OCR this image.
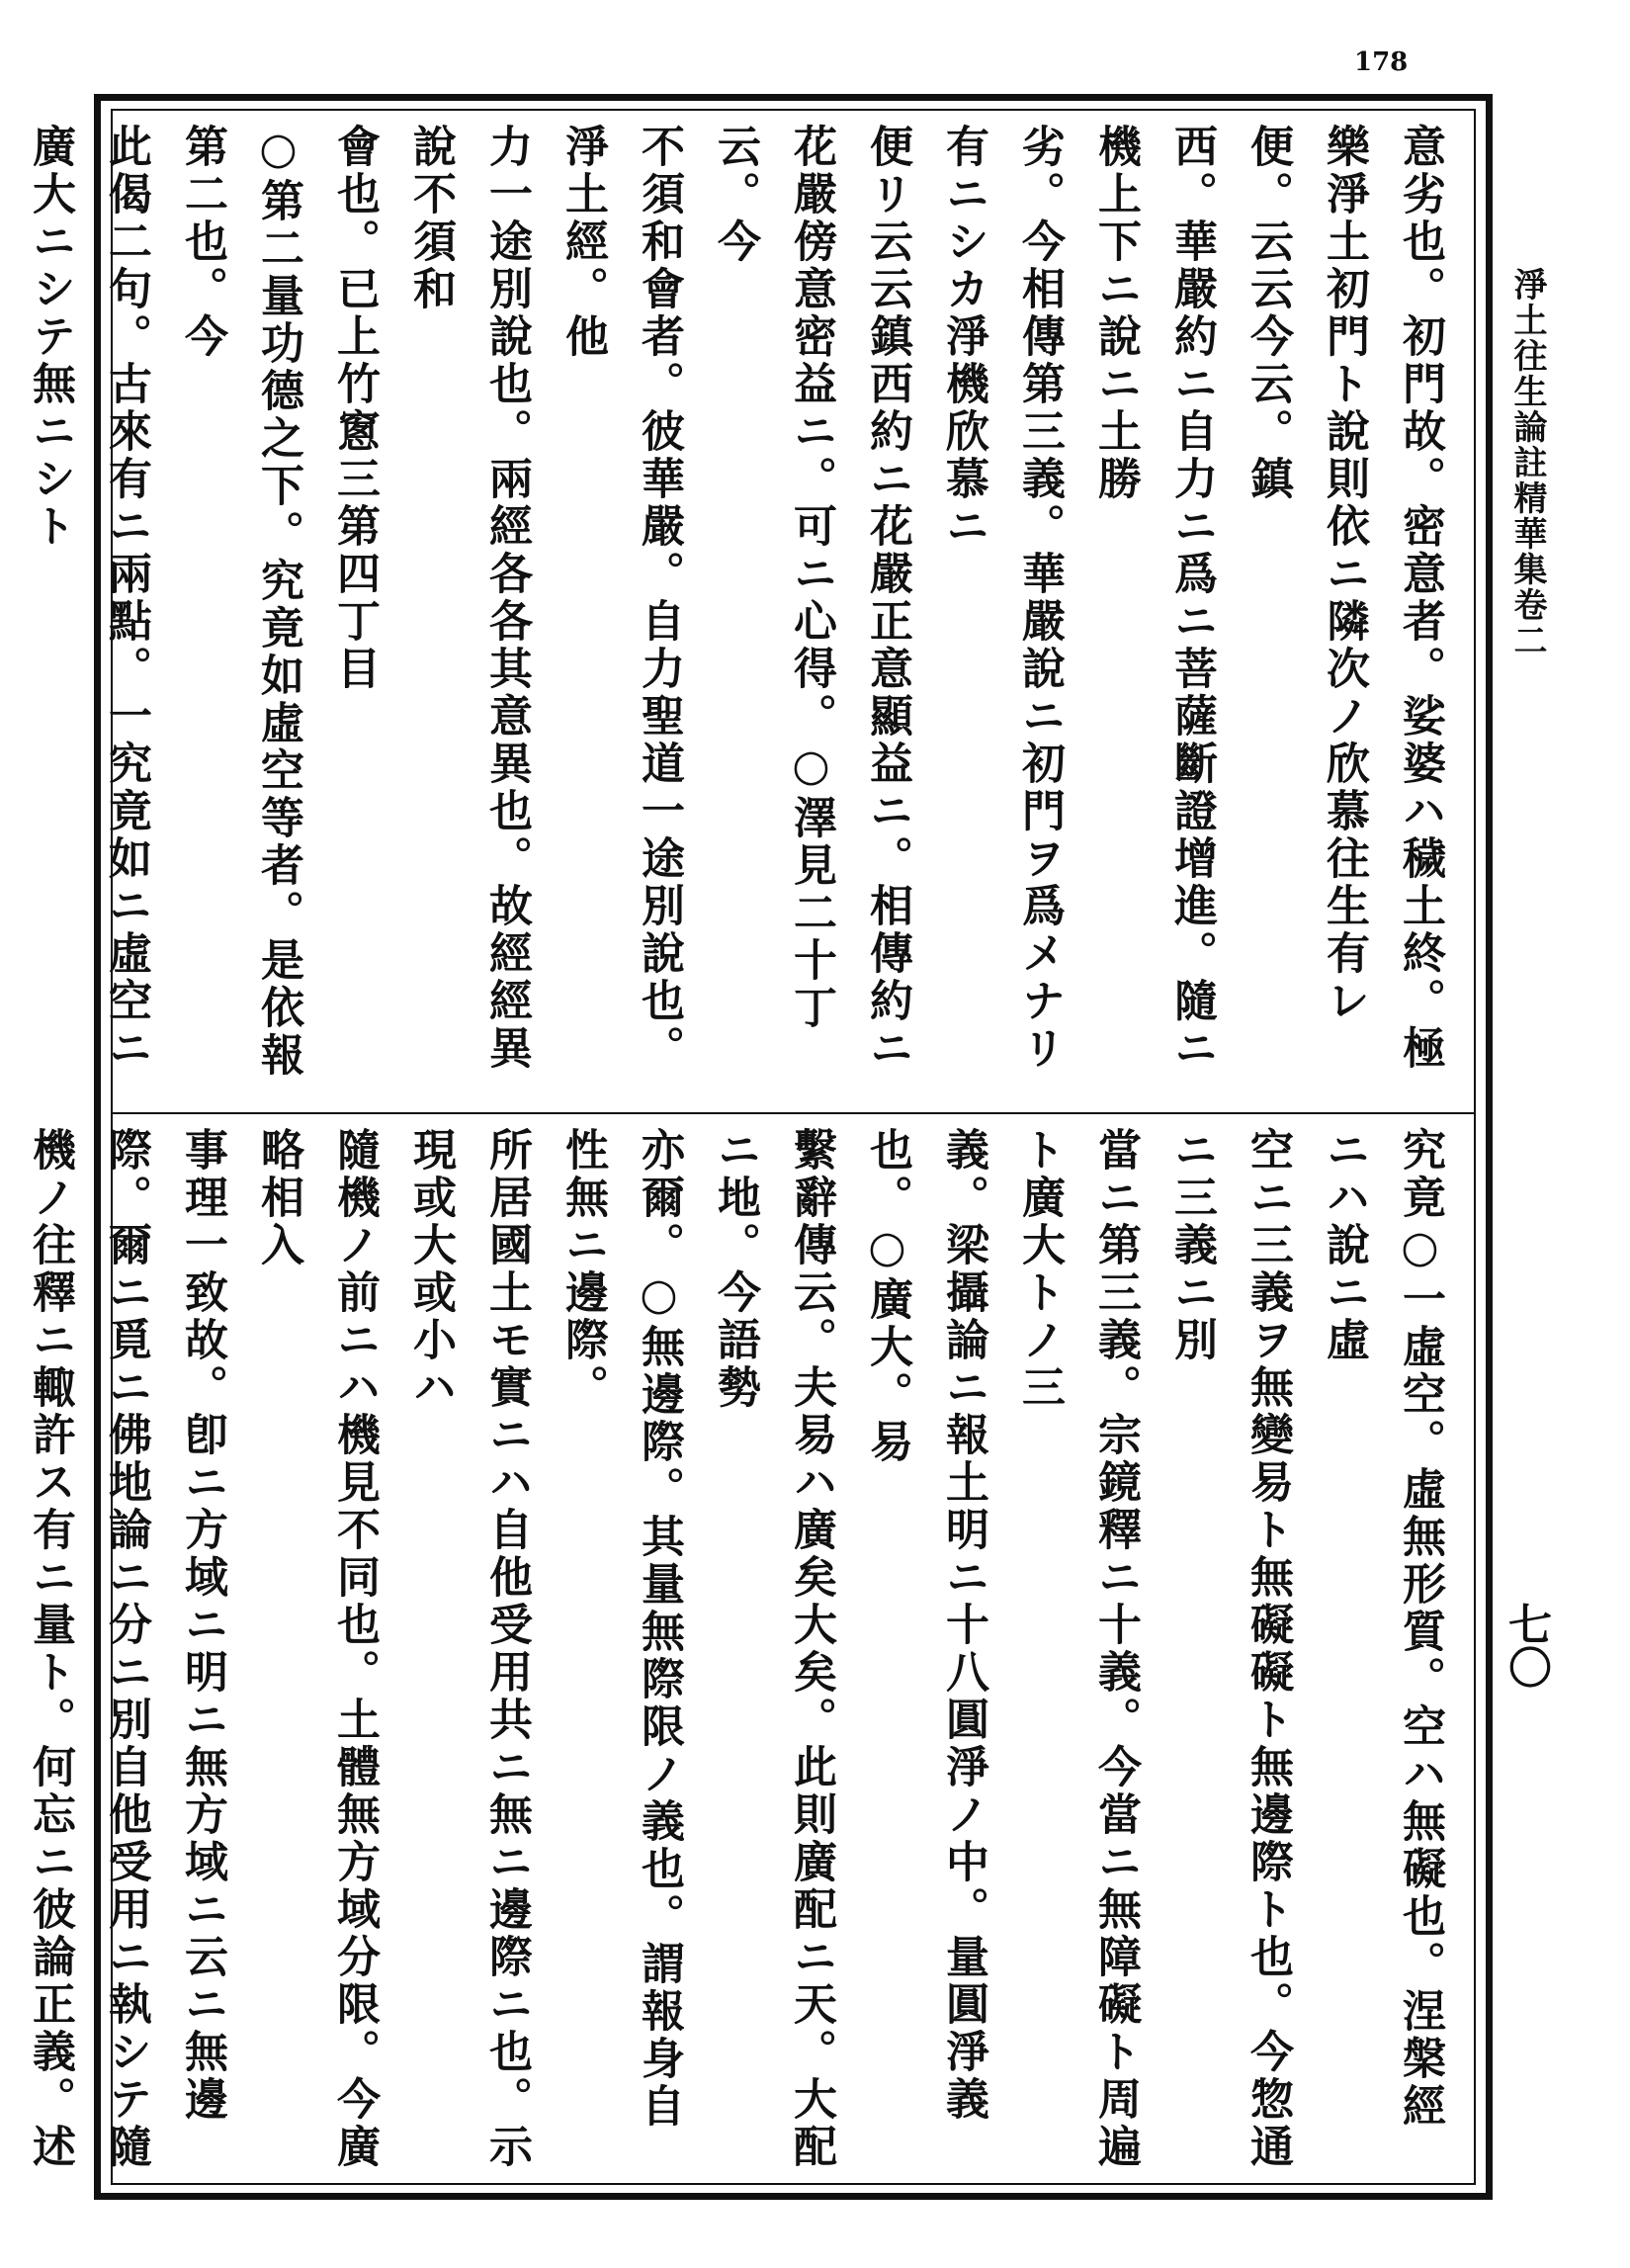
178
淨土往生論註精華集卷二
七〇
意劣也。初門故。密意者。娑婆ハ穢土終。極樂淨土初門ト說則依ニ隣次ノ欣慕往生有レ便。云云今云。鎮
西。華嚴約ニ自力ニ爲ニ菩薩斷證增進。隨ニ機上下ニ說ニ土勝
劣。今相傳第三義。華嚴說ニ初門ヲ爲メナリ有ニシカ淨機欣慕ニ
便リ云云鎮西約ニ花嚴正意顯益ニ。相傳約ニ花嚴傍意密益ニ。可ニ心得。○澤見二十丁云。今
不須和會者。彼華嚴。自力聖道一途別說也。淨土經。他
力一途別說也。兩經各各其意異也。故經經異說不須和
會也。已上竹窻三第四丁目
○第二量功德之下。究竟如虛空等者。是依報第二也。今
此偈二句。古來有ニ兩點。一究竟如ニ虛空ニ廣大ニシテ無ニシト
究竟○一虛空。虛無形質。空ハ無礙也。涅槃經ニハ說ニ虛
空ニ三義ヲ無變易ト無礙礙ト無邊際ト也。今惣通ニ三義ニ別
當ニ第三義。宗鏡釋ニ十義。今當ニ無障礙ト周遍ト廣大トノ三
義。梁攝論ニ報土明ニ十八圓淨ノ中。量圓淨義也。○廣大。易
繫辭傳云。夫易ハ廣矣大矣。此則廣配ニ天。大配ニ地。今語勢
亦爾。○無邊際。其量無際限ノ義也。謂報身自性無ニ邊際。
所居國土モ實ニハ自他受用共ニ無ニ邊際ニ也。示現或大或小ハ
隨機ノ前ニハ機見不同也。土體無方域分限。今廣略相入
事理一致故。卽ニ方域ニ明ニ無方域ニ云ニ無邊際。爾ニ覓ニ佛地論ニ分ニ別自他受用ニ執シテ隨機ノ往釋ニ輙許ス有ニ量ト。何忘ニ彼論正義。述
